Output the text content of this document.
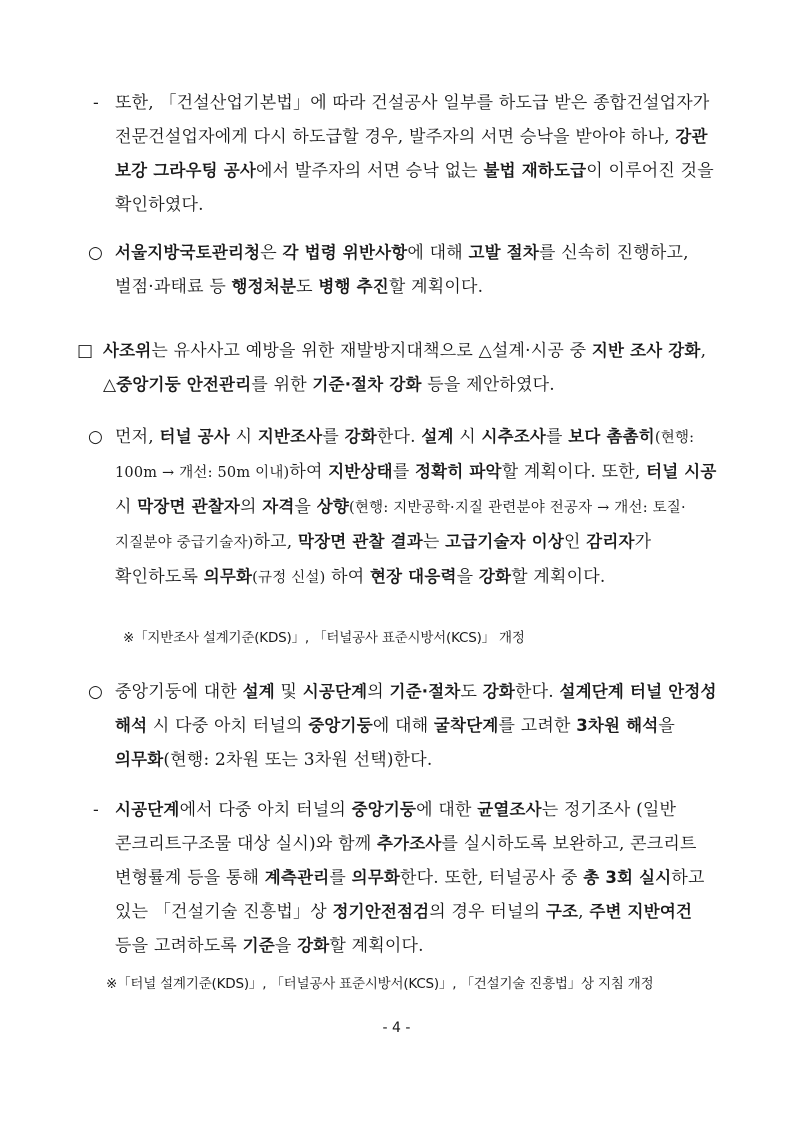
- 또한, 「건설산업기본법」에 따라 건설공사 일부를 하도급 받은 종합건설업자가 전문건설업자에게 다시 하도급할 경우, 발주자의 서면 승낙을 받아야 하나, 강관 보강 그라우팅 공사에서 발주자의 서면 승낙 없는 불법 재하도급이 이루어진 것을 확인하였다.
○ 서울지방국토관리청은 각 법령 위반사항에 대해 고발 절차를 신속히 진행하고, 벌점·과태료 등 행정처분도 병행 추진할 계획이다.
□ 사조위는 유사사고 예방을 위한 재발방지대책으로 △설계·시공 중 지반 조사 강화, △중앙기둥 안전관리를 위한 기준·절차 강화 등을 제안하였다.
○ 먼저, 터널 공사 시 지반조사를 강화한다. 설계 시 시추조사를 보다 촘촘히(현행: 100m → 개선: 50m 이내)하여 지반상태를 정확히 파악할 계획이다. 또한, 터널 시공 시 막장면 관찰자의 자격을 상향(현행: 지반공학·지질 관련분야 전공자 → 개선: 토질·지질분야 중급기술자)하고, 막장면 관찰 결과는 고급기술자 이상인 감리자가 확인하도록 의무화(규정 신설) 하여 현장 대응력을 강화할 계획이다.
※「지반조사 설계기준(KDS)」, 「터널공사 표준시방서(KCS)」 개정
○ 중앙기둥에 대한 설계 및 시공단계의 기준·절차도 강화한다. 설계단계 터널 안정성 해석 시 다중 아치 터널의 중앙기둥에 대해 굴착단계를 고려한 3차원 해석을 의무화(현행: 2차원 또는 3차원 선택)한다.
- 시공단계에서 다중 아치 터널의 중앙기둥에 대한 균열조사는 정기조사 (일반 콘크리트구조물 대상 실시)와 함께 추가조사를 실시하도록 보완하고, 콘크리트 변형률계 등을 통해 계측관리를 의무화한다. 또한, 터널공사 중 총 3회 실시하고 있는 「건설기술 진흥법」상 정기안전점검의 경우 터널의 구조, 주변 지반여건 등을 고려하도록 기준을 강화할 계획이다.
※「터널 설계기준(KDS)」, 「터널공사 표준시방서(KCS)」, 「건설기술 진흥법」상 지침 개정
- 4 -
